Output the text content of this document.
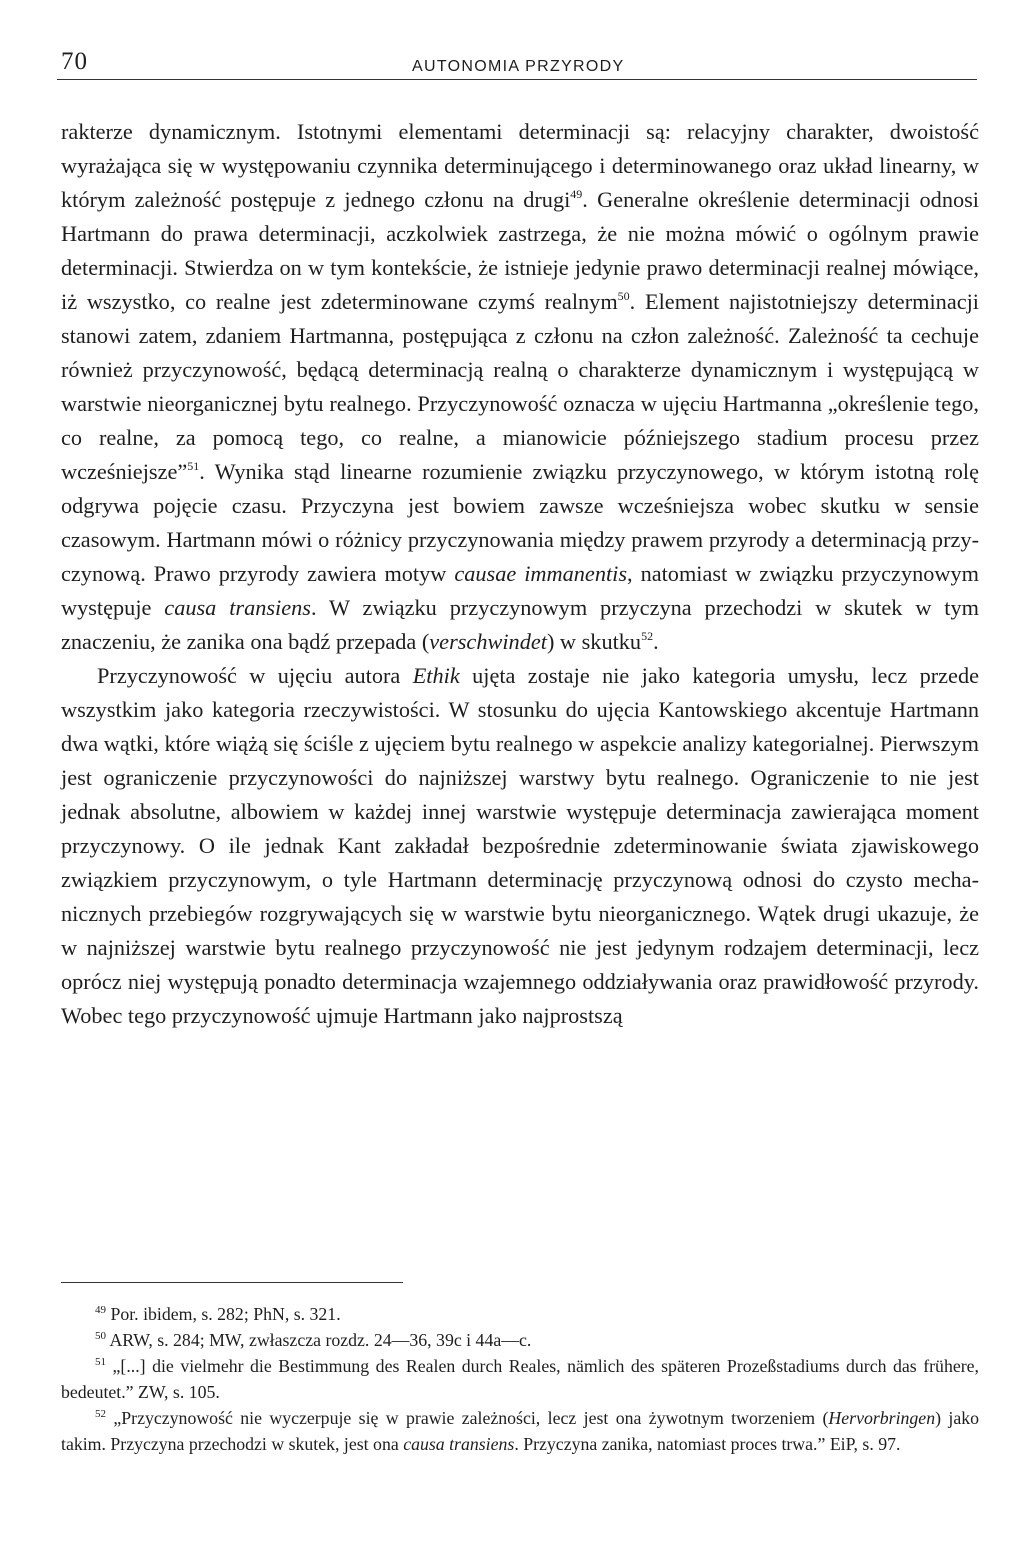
70	AUTONOMIA PRZYRODY

rakterze dynamicznym. Istotnymi elementami determinacji są: relacyjny charakter, dwoistość wyrażająca się w występowaniu czynnika determinującego i determinowanego oraz układ linearny, w którym zależność postępuje z jednego członu na drugi$^{49}$. Generalne określenie determinacji odnosi Hartmann do prawa determinacji, aczkolwiek zastrzega, że nie można mówić o ogólnym prawie determinacji. Stwierdza on w tym kontekście, że istnieje jedynie prawo determinacji realnej mówiące, iż wszystko, co realne jest zdeterminowane czymś realnym$^{50}$. Element najistotniejszy determinacji stanowi zatem, zdaniem Hartmanna, postępująca z członu na człon zależność. Zależność ta cechuje również przyczynowość, będącą determinacją realną o charakterze dynamicznym i występującą w warstwie nieorganicznej bytu realnego. Przyczynowość oznacza w ujęciu Hartmanna „określenie tego, co realne, za pomocą tego, co realne, a mianowicie późniejszego stadium procesu przez wcześniejsze”$^{51}$. Wynika stąd linearne rozumienie związku przyczynowego, w którym istotną rolę odgrywa pojęcie czasu. Przyczyna jest bowiem zawsze wcześniejsza wobec skutku w sensie czasowym. Hartmann mówi o różnicy przyczynowania między prawem przyrody a determinacją przyczynową. Prawo przyrody zawiera motyw causae immanentis, natomiast w związku przyczynowym występuje causa transiens. W związku przyczynowym przyczyna przechodzi w skutek w tym znaczeniu, że zanika ona bądź przepada (verschwindet) w skutku$^{52}$.

Przyczynowość w ujęciu autora Ethik ujęta zostaje nie jako kategoria umysłu, lecz przede wszystkim jako kategoria rzeczywistości. W stosunku do ujęcia Kantowskiego akcentuje Hartmann dwa wątki, które wiążą się ściśle z ujęciem bytu realnego w aspekcie analizy kategorialnej. Pierwszym jest ograniczenie przyczynowości do najniższej warstwy bytu realnego. Ograniczenie to nie jest jednak absolutne, albowiem w każdej innej warstwie występuje determinacja zawierająca moment przyczynowy. O ile jednak Kant zakładał bezpośrednie zdeterminowanie świata zjawiskowego związkiem przyczynowym, o tyle Hartmann determinację przyczynową odnosi do czysto mechanicznych przebiegów rozgrywających się w warstwie bytu nieorganicznego. Wątek drugi ukazuje, że w najniższej warstwie bytu realnego przyczynowość nie jest jedynym rodzajem determinacji, lecz oprócz niej występują ponadto determinacja wzajemnego oddziaływania oraz prawidłowość przyrody. Wobec tego przyczynowość ujmuje Hartmann jako najprostszą

$^{49}$ Por. ibidem, s. 282; PhN, s. 321.

$^{50}$ ARW, s. 284; MW, zwłaszcza rozdz. 24—36, 39c i 44a—c.

$^{51}$ „[...] die vielmehr die Bestimmung des Realen durch Reales, nämlich des späteren Prozeßstadiums durch das frühere, bedeutet.” ZW, s. 105.

$^{52}$ „Przyczynowość nie wyczerpuje się w prawie zależności, lecz jest ona żywotnym tworzeniem (Hervorbringen) jako takim. Przyczyna przechodzi w skutek, jest ona causa transiens. Przyczyna zanika, natomiast proces trwa.” EiP, s. 97.
